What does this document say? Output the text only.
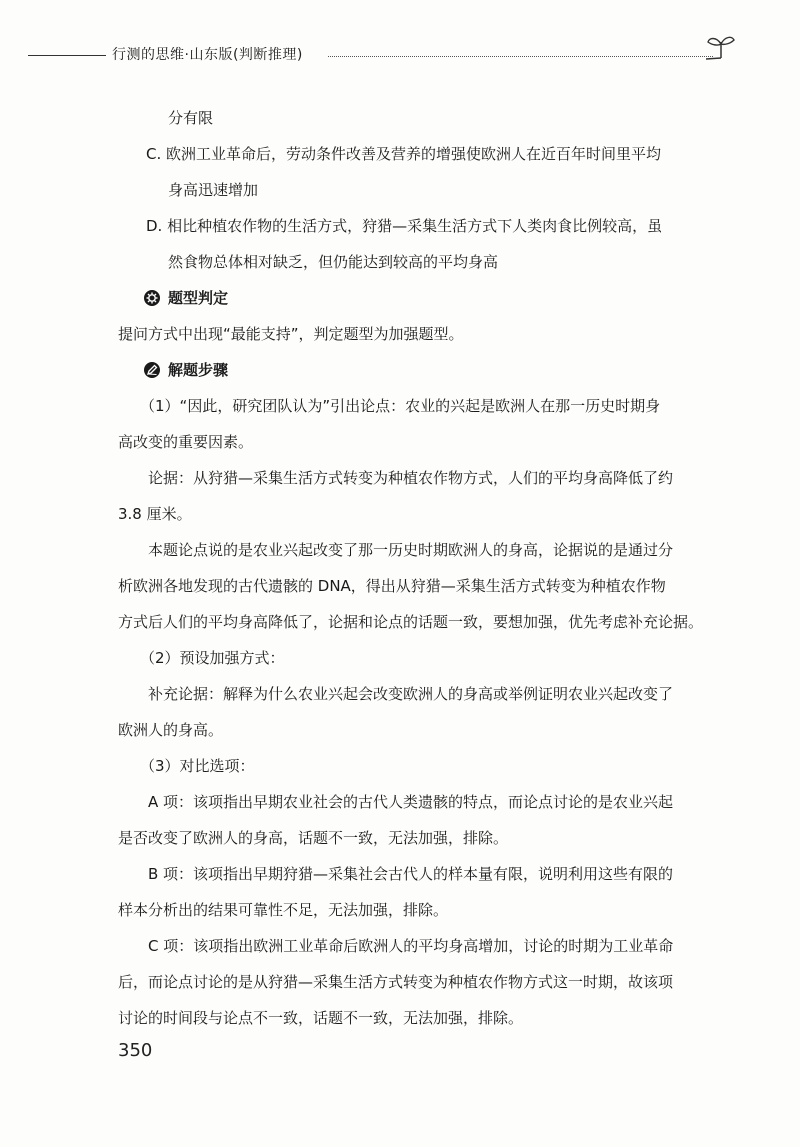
行测的思维·山东版(判断推理)
分有限
C. 欧洲工业革命后，劳动条件改善及营养的增强使欧洲人在近百年时间里平均
身高迅速增加
D. 相比种植农作物的生活方式，狩猎—采集生活方式下人类肉食比例较高，虽
然食物总体相对缺乏，但仍能达到较高的平均身高
题型判定
提问方式中出现“最能支持”，判定题型为加强题型。
解题步骤
（1）“因此，研究团队认为”引出论点：农业的兴起是欧洲人在那一历史时期身
高改变的重要因素。
论据：从狩猎—采集生活方式转变为种植农作物方式，人们的平均身高降低了约
3.8 厘米。
本题论点说的是农业兴起改变了那一历史时期欧洲人的身高，论据说的是通过分
析欧洲各地发现的古代遗骸的 DNA，得出从狩猎—采集生活方式转变为种植农作物
方式后人们的平均身高降低了，论据和论点的话题一致，要想加强，优先考虑补充论据。
（2）预设加强方式：
补充论据：解释为什么农业兴起会改变欧洲人的身高或举例证明农业兴起改变了
欧洲人的身高。
（3）对比选项：
A 项：该项指出早期农业社会的古代人类遗骸的特点，而论点讨论的是农业兴起
是否改变了欧洲人的身高，话题不一致，无法加强，排除。
B 项：该项指出早期狩猎—采集社会古代人的样本量有限，说明利用这些有限的
样本分析出的结果可靠性不足，无法加强，排除。
C 项：该项指出欧洲工业革命后欧洲人的平均身高增加，讨论的时期为工业革命
后，而论点讨论的是从狩猎—采集生活方式转变为种植农作物方式这一时期，故该项
讨论的时间段与论点不一致，话题不一致，无法加强，排除。
350
